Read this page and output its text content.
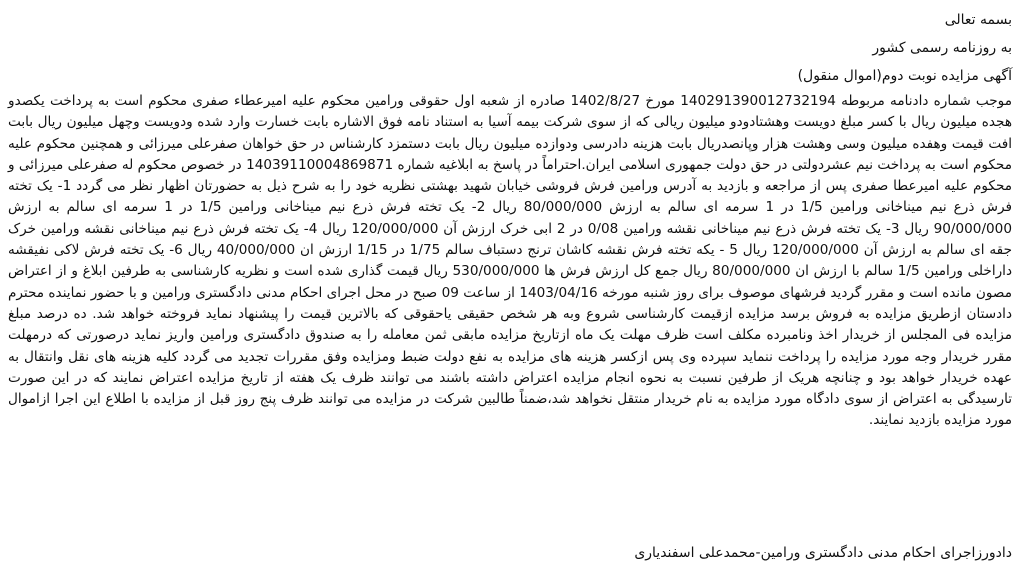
بسمه تعالی
به روزنامه رسمی کشور
آگهی مزایده نوبت دوم(اموال منقول)
موجب شماره دادنامه مربوطه 140291390012732194 مورخ 1402/8/27 صادره از شعبه اول حقوقی ورامین محکوم علیه امیرعطاء صفری محکوم است به پرداخت یکصدو هجده میلیون ریال با کسر مبلغ دویست وهشتادودو میلیون ریالی که از سوی شرکت بیمه آسیا به استناد نامه فوق الاشاره بابت خسارت وارد شده ودویست وچهل میلیون ریال بابت افت قیمت وهفده میلیون وسی وهشت هزار وپانصدریال بابت هزینه دادرسی ودوازده میلیون ریال بابت دستمزد کارشناس در حق خواهان صفرعلی میرزائی و همچنین محکوم علیه محکوم است به پرداخت نیم عشردولتی در حق دولت جمهوری اسلامی ایران.احتراماً در پاسخ به ابلاغیه شماره 1403911000486987‌1 در خصوص محکوم له صفرعلی میرزائی و محکوم علیه امیرعطا صفری پس از مراجعه و بازدید به آدرس ورامین فرش فروشی خیابان شهید بهشتی نظریه خود را به شرح ذیل به حضورتان اظهار نظر می گردد 1- یک تخته فرش ذرع نیم میناخانی ورامین 1/5 در 1 سرمه ای سالم به ارزش 80/000/000 ریال 2- یک تخته فرش ذرع نیم میناخانی ورامین 1/5 در 1 سرمه ای سالم به ارزش 90/000/000 ریال 3- یک تخته فرش ذرع نیم میناخانی نقشه ورامین 0/08 در 2 ابی خرک ارزش آن 120/000/000 ریال 4- یک تخته فرش ذرع نیم میناخانی نقشه ورامین خرک جقه ای سالم به ارزش آن 120/000/000 ریال 5 - یکه تخته فرش نقشه کاشان ترنج دستباف سالم 1/75 در 1/15 ارزش ان 40/000/000 ریال 6- یک تخته فرش لاکی نفیقشه داراخلی ورامین 1/5 سالم با ارزش ان 80/000/000 ریال جمع کل ارزش فرش ها 530/000/000 ریال قیمت گذاری شده است و نظریه کارشناسی به طرفین ابلاغ و از اعتراض مصون مانده است و مقرر گردید فرشهای موصوف برای روز شنبه مورخه 1403/04/16 از ساعت 09 صبح در محل اجرای احکام مدنی دادگستری ورامین و با حضور نماینده محترم دادستان ازطریق مزایده به فروش برسد مزایده ازقیمت کارشناسی شروع وبه هر شخص حقیقی یاحقوقی که بالاترین قیمت را پیشنهاد نماید فروخته خواهد شد. ده درصد مبلغ مزایده فی المجلس از خریدار اخذ ونامبرده مکلف است ظرف مهلت یک ماه ازتاریخ مزایده مابقی ثمن معامله را به صندوق دادگستری ورامین واریز نماید درصورتی که درمهلت مقرر خریدار وجه مورد مزایده را پرداخت ننماید سپرده وی پس ازکسر هزینه های مزایده به نفع دولت ضبط ومزایده وفق مقررات تجدید می گردد کلیه هزینه های نقل وانتقال به عهده خریدار خواهد بود و چنانچه هریک از طرفین نسبت به نحوه انجام مزایده اعتراض داشته باشند می توانند ظرف یک هفته از تاریخ مزایده اعتراض نمایند که در این صورت تارسیدگی به اعتراض از سوی دادگاه مورد مزایده به نام خریدار منتقل نخواهد شد،ضمناً طالبین شرکت در مزایده می توانند ظرف پنج روز قبل از مزایده با اطلاع این اجرا ازاموال مورد مزایده بازدید نمایند.
دادورزاجرای احکام مدنی دادگستری ورامین-محمدعلی اسفندیاری
